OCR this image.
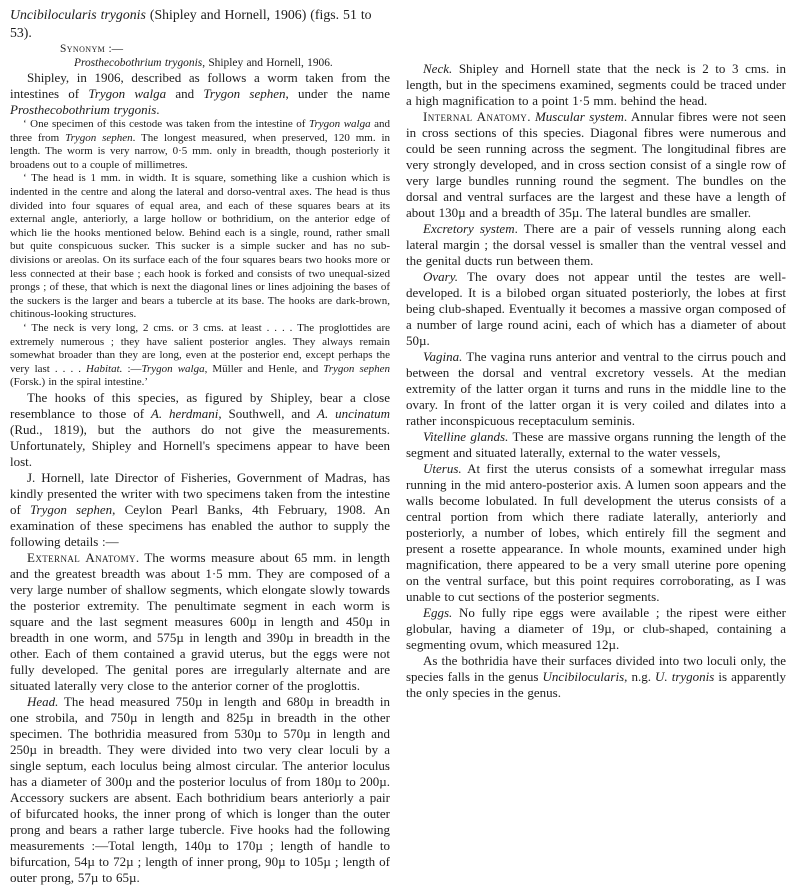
Uncibilocularis trygonis (Shipley and Hornell, 1906) (figs. 51 to 53).

Synonym :—

Prosthecobothrium trygonis, Shipley and Hornell, 1906.

Shipley, in 1906, described as follows a worm taken from the intestines of Trygon walga and Trygon sephen, under the name Prosthecobothrium trygonis.

‘ One specimen of this cestode was taken from the intestine of Trygon walga and three from Trygon sephen. The longest measured, when preserved, 120 mm. in length. The worm is very narrow, 0·5 mm. only in breadth, though posteriorly it broadens out to a couple of millimetres.

‘ The head is 1 mm. in width. It is square, something like a cushion which is indented in the centre and along the lateral and dorso-ventral axes. The head is thus divided into four squares of equal area, and each of these squares bears at its external angle, anteriorly, a large hollow or bothridium, on the anterior edge of which lie the hooks mentioned below. Behind each is a single, round, rather small but quite conspicuous sucker. This sucker is a simple sucker and has no sub-divisions or areolas. On its surface each of the four squares bears two hooks more or less connected at their base ; each hook is forked and consists of two unequal-sized prongs ; of these, that which is next the diagonal lines or lines adjoining the bases of the suckers is the larger and bears a tubercle at its base. The hooks are dark-brown, chitinous-looking structures.

‘ The neck is very long, 2 cms. or 3 cms. at least . . . . The proglottides are extremely numerous ; they have salient posterior angles. They always remain somewhat broader than they are long, even at the posterior end, except perhaps the very last . . . . Habitat. :—Trygon walga, Müller and Henle, and Trygon sephen (Forsk.) in the spiral intestine.’

The hooks of this species, as figured by Shipley, bear a close resemblance to those of A. herdmani, Southwell, and A. uncinatum (Rud., 1819), but the authors do not give the measurements. Unfortunately, Shipley and Hornell's specimens appear to have been lost.

J. Hornell, late Director of Fisheries, Government of Madras, has kindly presented the writer with two specimens taken from the intestine of Trygon sephen, Ceylon Pearl Banks, 4th February, 1908. An examination of these specimens has enabled the author to supply the following details :—

External Anatomy. The worms measure about 65 mm. in length and the greatest breadth was about 1·5 mm. They are composed of a very large number of shallow segments, which elongate slowly towards the posterior extremity. The penultimate segment in each worm is square and the last segment measures 600µ in length and 450µ in breadth in one worm, and 575µ in length and 390µ in breadth in the other. Each of them contained a gravid uterus, but the eggs were not fully developed. The genital pores are irregularly alternate and are situated laterally very close to the anterior corner of the proglottis.

Head. The head measured 750µ in length and 680µ in breadth in one strobila, and 750µ in length and 825µ in breadth in the other specimen. The bothridia measured from 530µ to 570µ in length and 250µ in breadth. They were divided into two very clear loculi by a single septum, each loculus being almost circular. The anterior loculus has a diameter of 300µ and the posterior loculus of from 180µ to 200µ. Accessory suckers are absent. Each bothridium bears anteriorly a pair of bifurcated hooks, the inner prong of which is longer than the outer prong and bears a rather large tubercle. Five hooks had the following measurements :—Total length, 140µ to 170µ ; length of handle to bifurcation, 54µ to 72µ ; length of inner prong, 90µ to 105µ ; length of outer prong, 57µ to 65µ.

Neck. Shipley and Hornell state that the neck is 2 to 3 cms. in length, but in the specimens examined, segments could be traced under a high magnification to a point 1·5 mm. behind the head.

Internal Anatomy. Muscular system. Annular fibres were not seen in cross sections of this species. Diagonal fibres were numerous and could be seen running across the segment. The longitudinal fibres are very strongly developed, and in cross section consist of a single row of very large bundles running round the segment. The bundles on the dorsal and ventral surfaces are the largest and these have a length of about 130µ and a breadth of 35µ. The lateral bundles are smaller.

Excretory system. There are a pair of vessels running along each lateral margin ; the dorsal vessel is smaller than the ventral vessel and the genital ducts run between them.

Ovary. The ovary does not appear until the testes are well-developed. It is a bilobed organ situated posteriorly, the lobes at first being club-shaped. Eventually it becomes a massive organ composed of a number of large round acini, each of which has a diameter of about 50µ.

Vagina. The vagina runs anterior and ventral to the cirrus pouch and between the dorsal and ventral excretory vessels. At the median extremity of the latter organ it turns and runs in the middle line to the ovary. In front of the latter organ it is very coiled and dilates into a rather inconspicuous receptaculum seminis.

Vitelline glands. These are massive organs running the length of the segment and situated laterally, external to the water vessels,

Uterus. At first the uterus consists of a somewhat irregular mass running in the mid antero-posterior axis. A lumen soon appears and the walls become lobulated. In full development the uterus consists of a central portion from which there radiate laterally, anteriorly and posteriorly, a number of lobes, which entirely fill the segment and present a rosette appearance. In whole mounts, examined under high magnification, there appeared to be a very small uterine pore opening on the ventral surface, but this point requires corroborating, as I was unable to cut sections of the posterior segments.

Eggs. No fully ripe eggs were available ; the ripest were either globular, having a diameter of 19µ, or club-shaped, containing a segmenting ovum, which measured 12µ.

As the bothridia have their surfaces divided into two loculi only, the species falls in the genus Uncibilocularis, n.g. U. trygonis is apparently the only species in the genus.
